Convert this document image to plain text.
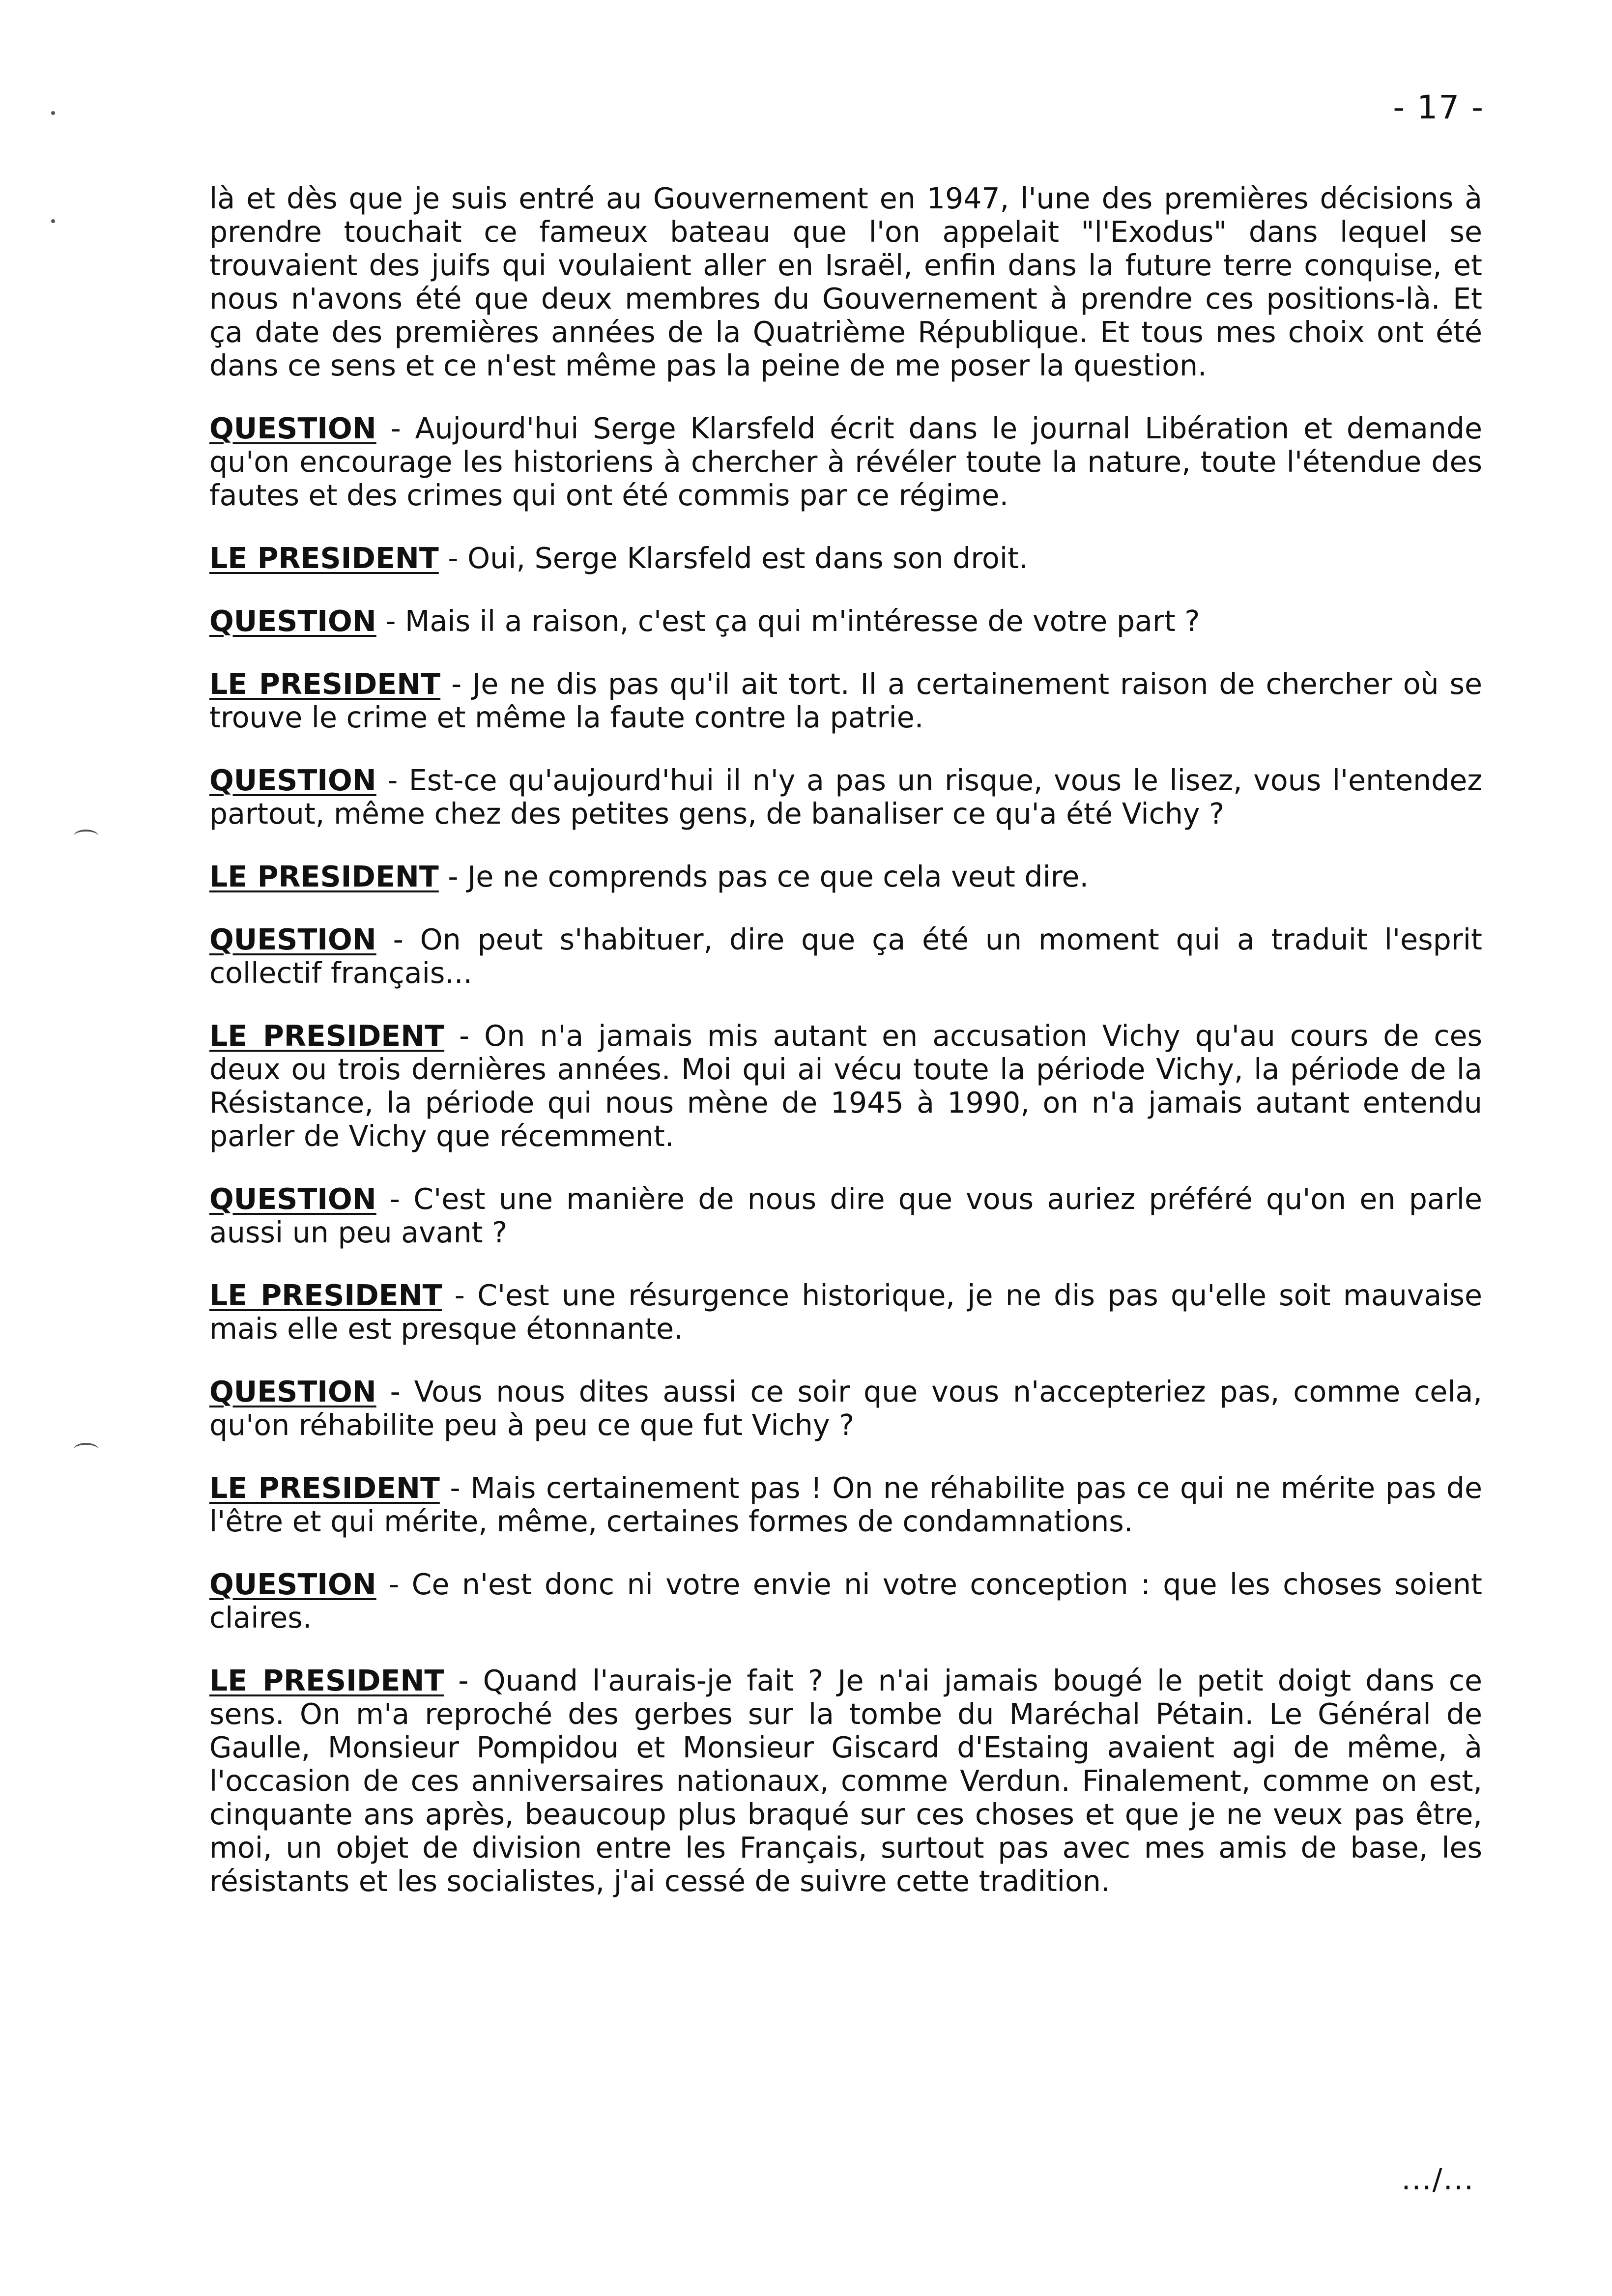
- 17 -

là et dès que je suis entré au Gouvernement en 1947, l'une des premières décisions à prendre touchait ce fameux bateau que l'on appelait "l'Exodus" dans lequel se trouvaient des juifs qui voulaient aller en Israël, enfin dans la future terre conquise, et nous n'avons été que deux membres du Gouvernement à prendre ces positions-là. Et ça date des premières années de la Quatrième République. Et tous mes choix ont été dans ce sens et ce n'est même pas la peine de me poser la question.

QUESTION - Aujourd'hui Serge Klarsfeld écrit dans le journal Libération et demande qu'on encourage les historiens à chercher à révéler toute la nature, toute l'étendue des fautes et des crimes qui ont été commis par ce régime.

LE PRESIDENT - Oui, Serge Klarsfeld est dans son droit.

QUESTION - Mais il a raison, c'est ça qui m'intéresse de votre part ?

LE PRESIDENT - Je ne dis pas qu'il ait tort. Il a certainement raison de chercher où se trouve le crime et même la faute contre la patrie.

QUESTION - Est-ce qu'aujourd'hui il n'y a pas un risque, vous le lisez, vous l'entendez partout, même chez des petites gens, de banaliser ce qu'a été Vichy ?

LE PRESIDENT - Je ne comprends pas ce que cela veut dire.

QUESTION - On peut s'habituer, dire que ça été un moment qui a traduit l'esprit collectif français...

LE PRESIDENT - On n'a jamais mis autant en accusation Vichy qu'au cours de ces deux ou trois dernières années. Moi qui ai vécu toute la période Vichy, la période de la Résistance, la période qui nous mène de 1945 à 1990, on n'a jamais autant entendu parler de Vichy que récemment.

QUESTION - C'est une manière de nous dire que vous auriez préféré qu'on en parle aussi un peu avant ?

LE PRESIDENT - C'est une résurgence historique, je ne dis pas qu'elle soit mauvaise mais elle est presque étonnante.

QUESTION - Vous nous dites aussi ce soir que vous n'accepteriez pas, comme cela, qu'on réhabilite peu à peu ce que fut Vichy ?

LE PRESIDENT - Mais certainement pas ! On ne réhabilite pas ce qui ne mérite pas de l'être et qui mérite, même, certaines formes de condamnations.

QUESTION - Ce n'est donc ni votre envie ni votre conception : que les choses soient claires.

LE PRESIDENT - Quand l'aurais-je fait ? Je n'ai jamais bougé le petit doigt dans ce sens. On m'a reproché des gerbes sur la tombe du Maréchal Pétain. Le Général de Gaulle, Monsieur Pompidou et Monsieur Giscard d'Estaing avaient agi de même, à l'occasion de ces anniversaires nationaux, comme Verdun. Finalement, comme on est, cinquante ans après, beaucoup plus braqué sur ces choses et que je ne veux pas être, moi, un objet de division entre les Français, surtout pas avec mes amis de base, les résistants et les socialistes, j'ai cessé de suivre cette tradition.

.../...
